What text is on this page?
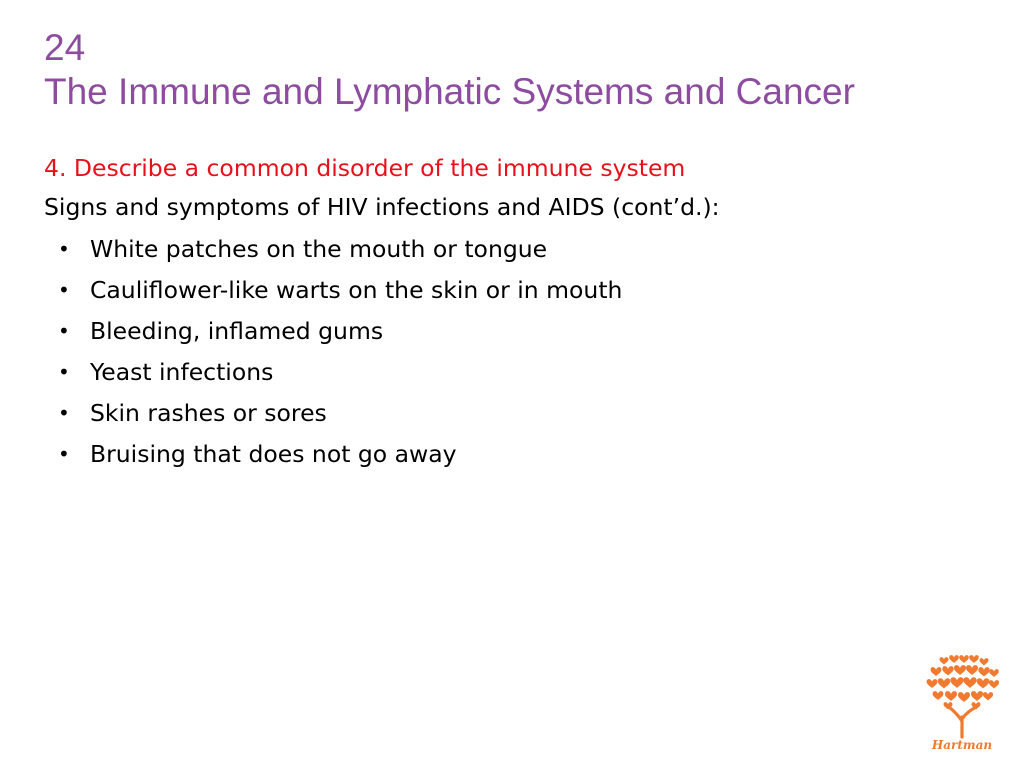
24
The Immune and Lymphatic Systems and Cancer
4. Describe a common disorder of the immune system
Signs and symptoms of HIV infections and AIDS (cont’d.):
• White patches on the mouth or tongue
• Cauliflower-like warts on the skin or in mouth
• Bleeding, inflamed gums
• Yeast infections
• Skin rashes or sores
• Bruising that does not go away
Hartman
